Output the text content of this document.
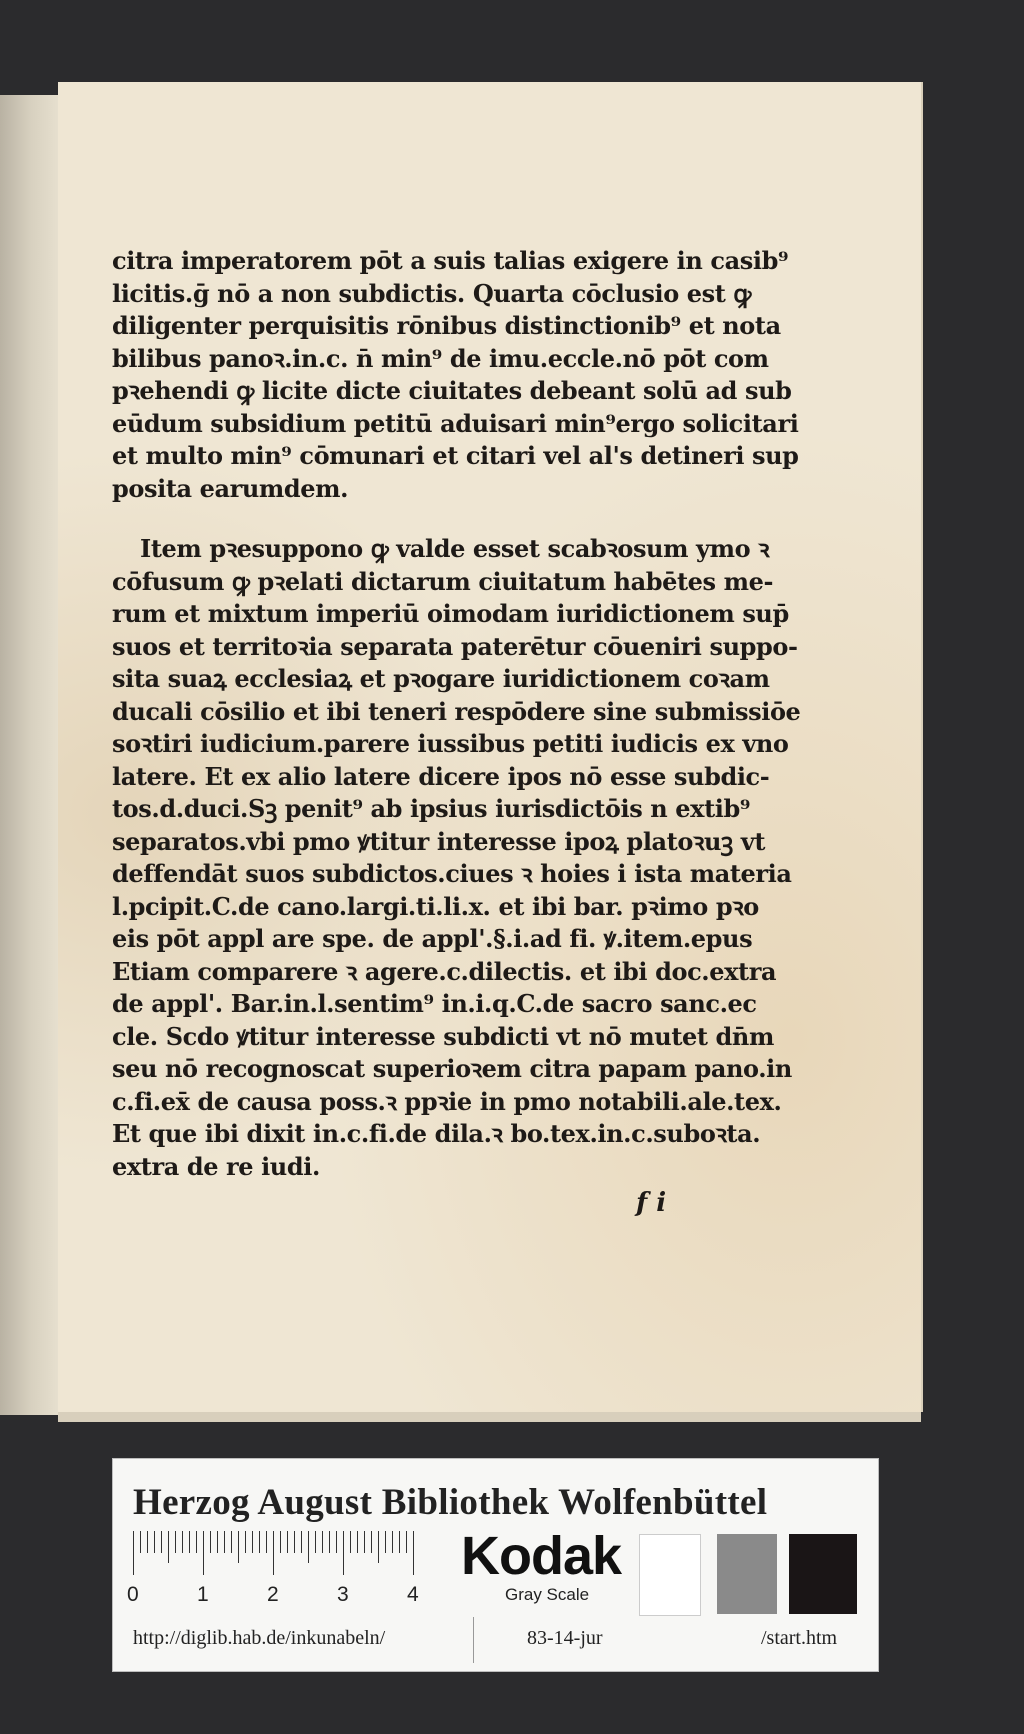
citra imperatorem pōt a suis talias exigere in casib⁹
licitis.ḡ nō a non subdictis. Quarta cōclusio est ꝙ
diligenter perquisitis rōnibus distinctionib⁹ et nota
bilibus panoꝛ.in.c. n̄ min⁹ de imu.eccle.nō pōt com
pꝛehendi ꝙ licite dicte ciuitates debeant solū ad sub
eūdum subsidium petitū aduisari min⁹ergo solicitari
et multo min⁹ cōmunari et citari vel al's detineri sup
posita earumdem.
Item pꝛesuppono ꝙ valde esset scabꝛosum ymo ꝛ
cōfusum ꝙ pꝛelati dictarum ciuitatum habētes me-
rum et mixtum imperiū oimodam iuridictionem sup̄
suos et territoꝛia separata paterētur cōueniri suppo-
sita suaꝝ ecclesiaꝝ et pꝛogare iuridictionem coꝛam
ducali cōsilio et ibi teneri respōdere sine submissiōe
soꝛtiri iudicium.parere iussibus petiti iudicis ex vno
latere. Et ex alio latere dicere ipos nō esse subdic-
tos.d.duci.Sꝫ penit⁹ ab ipsius iurisdictōis n extib⁹
separatos.vbi pmo ꝟtitur interesse ipoꝝ platoꝛuꝫ vt
deffendāt suos subdictos.ciues ꝛ hoies i ista materia
l.pcipit.C.de cano.largi.ti.li.x. et ibi bar. pꝛimo pꝛo
eis pōt appl are spe. de appl'.§.i.ad fi. ꝟ.item.epus
Etiam comparere ꝛ agere.c.dilectis. et ibi doc.extra
de appl'. Bar.in.l.sentim⁹ in.i.q.C.de sacro sanc.ec
cle. Scdo ꝟtitur interesse subdicti vt nō mutet dn̄m
seu nō recognoscat superioꝛem citra papam pano.in
c.fi.ex̄ de causa poss.ꝛ ppꝛie in pmo notabili.ale.tex.
Et que ibi dixit in.c.fi.de dila.ꝛ bo.tex.in.c.suboꝛta.
extra de re iudi.
f i
Herzog August Bibliothek Wolfenbüttel
0	1	2	3	4
Kodak
Gray Scale
http://diglib.hab.de/inkunabeln/	83-14-jur	/start.htm
